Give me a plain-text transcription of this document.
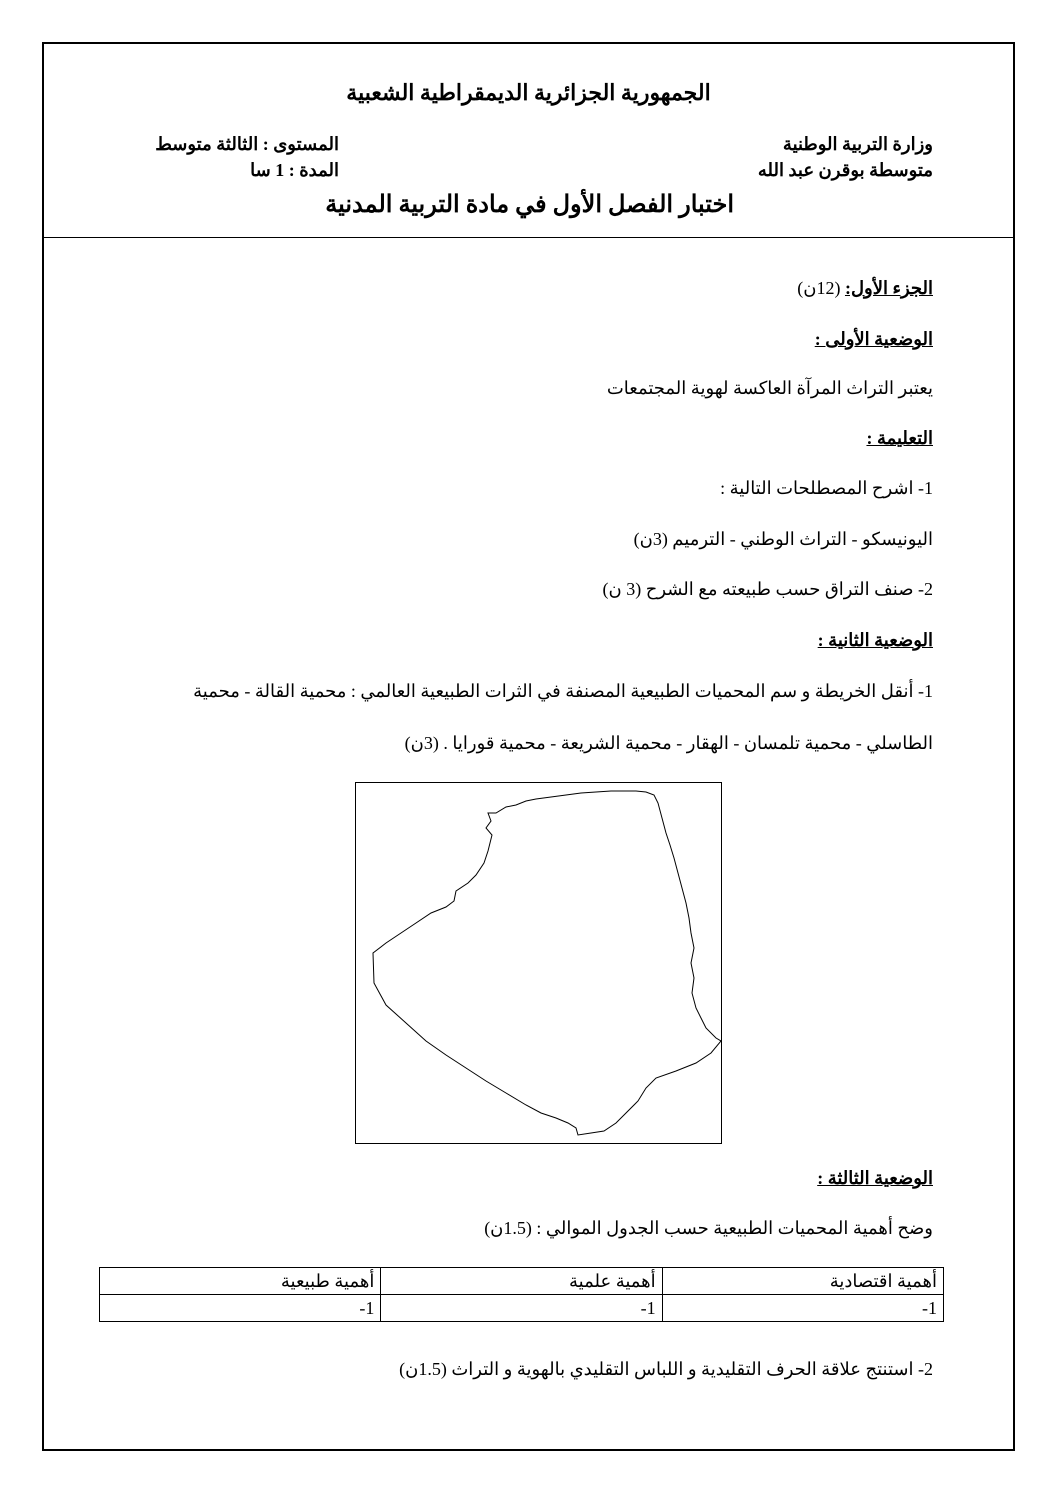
الجمهورية الجزائرية الديمقراطية الشعبية
وزارة التربية الوطنية
متوسطة بوقرن عبد الله
المستوى : الثالثة متوسط
المدة : 1 سا
اختبار الفصل الأول في مادة التربية المدنية
الجزء الأول: (12ن)
الوضعية الأولى :
يعتبر التراث المرآة العاكسة لهوية المجتمعات
التعليمة :
1- اشرح المصطلحات التالية :
اليونيسكو - التراث الوطني - الترميم (3ن)
2- صنف التراق حسب طبيعته مع الشرح (3 ن)
الوضعية الثانية :
1- أنقل الخريطة و سم المحميات الطبيعية المصنفة في الثرات الطبيعية العالمي : محمية القالة - محمية
الطاسلي - محمية تلمسان - الهقار - محمية الشريعة - محمية قورايا . (3ن)
الوضعية الثالثة :
وضح أهمية المحميات الطبيعية حسب الجدول الموالي : (1.5ن)
أهمية اقتصادية	أهمية علمية	أهمية طبيعية
1-	1-	1-
2- استنتج علاقة الحرف التقليدية و اللباس التقليدي بالهوية و التراث (1.5ن)
